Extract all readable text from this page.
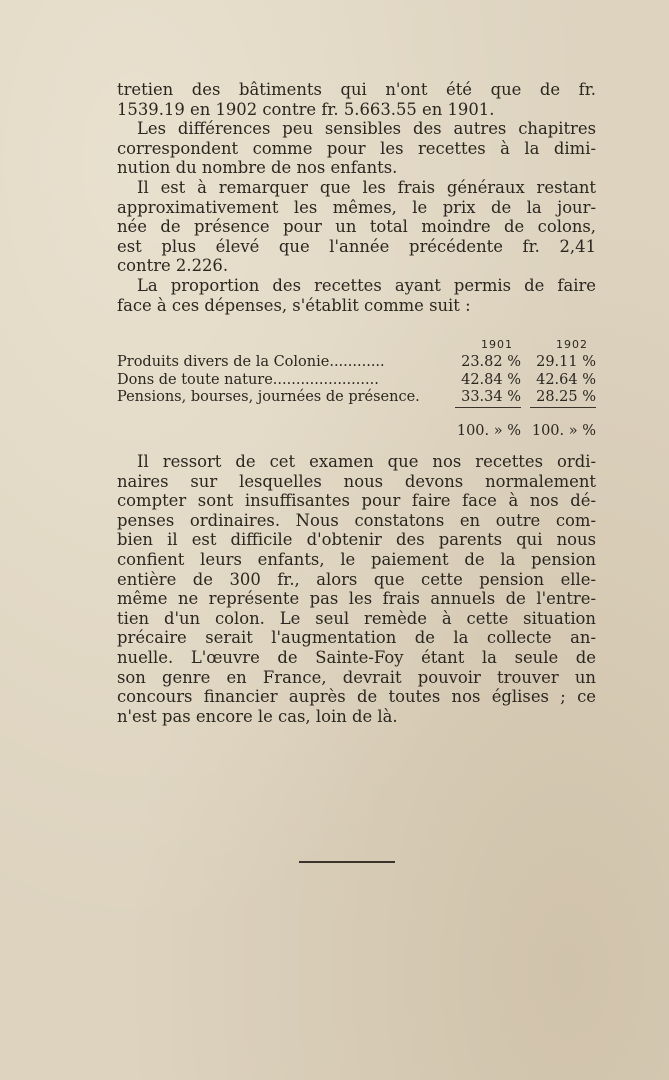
tretien des bâtiments qui n'ont été que de fr.
1539.19 en 1902 contre fr. 5.663.55 en 1901.
Les différences peu sensibles des autres chapitres
correspondent comme pour les recettes à la dimi-
nution du nombre de nos enfants.
Il est à remarquer que les frais généraux restant
approximativement les mêmes, le prix de la jour-
née de présence pour un total moindre de colons,
est plus élevé que l'année précédente fr. 2,41
contre 2.226.
La proportion des recettes ayant permis de faire
face à ces dépenses, s'établit comme suit :
1901	1902
Produits divers de la Colonie............	23.82 % 29.11 %
Dons de toute nature.......................	42.84 % 42.64 %
Pensions, bourses, journées de présence.	33.34 % 28.25 %
100. » % 100. » %
Il ressort de cet examen que nos recettes ordi-
naires sur lesquelles nous devons normalement
compter sont insuffisantes pour faire face à nos dé-
penses ordinaires. Nous constatons en outre com-
bien il est difficile d'obtenir des parents qui nous
confient leurs enfants, le paiement de la pension
entière de 300 fr., alors que cette pension elle-
même ne représente pas les frais annuels de l'entre-
tien d'un colon. Le seul remède à cette situation
précaire serait l'augmentation de la collecte an-
nuelle. L'œuvre de Sainte-Foy étant la seule de
son genre en France, devrait pouvoir trouver un
concours financier auprès de toutes nos églises ; ce
n'est pas encore le cas, loin de là.
